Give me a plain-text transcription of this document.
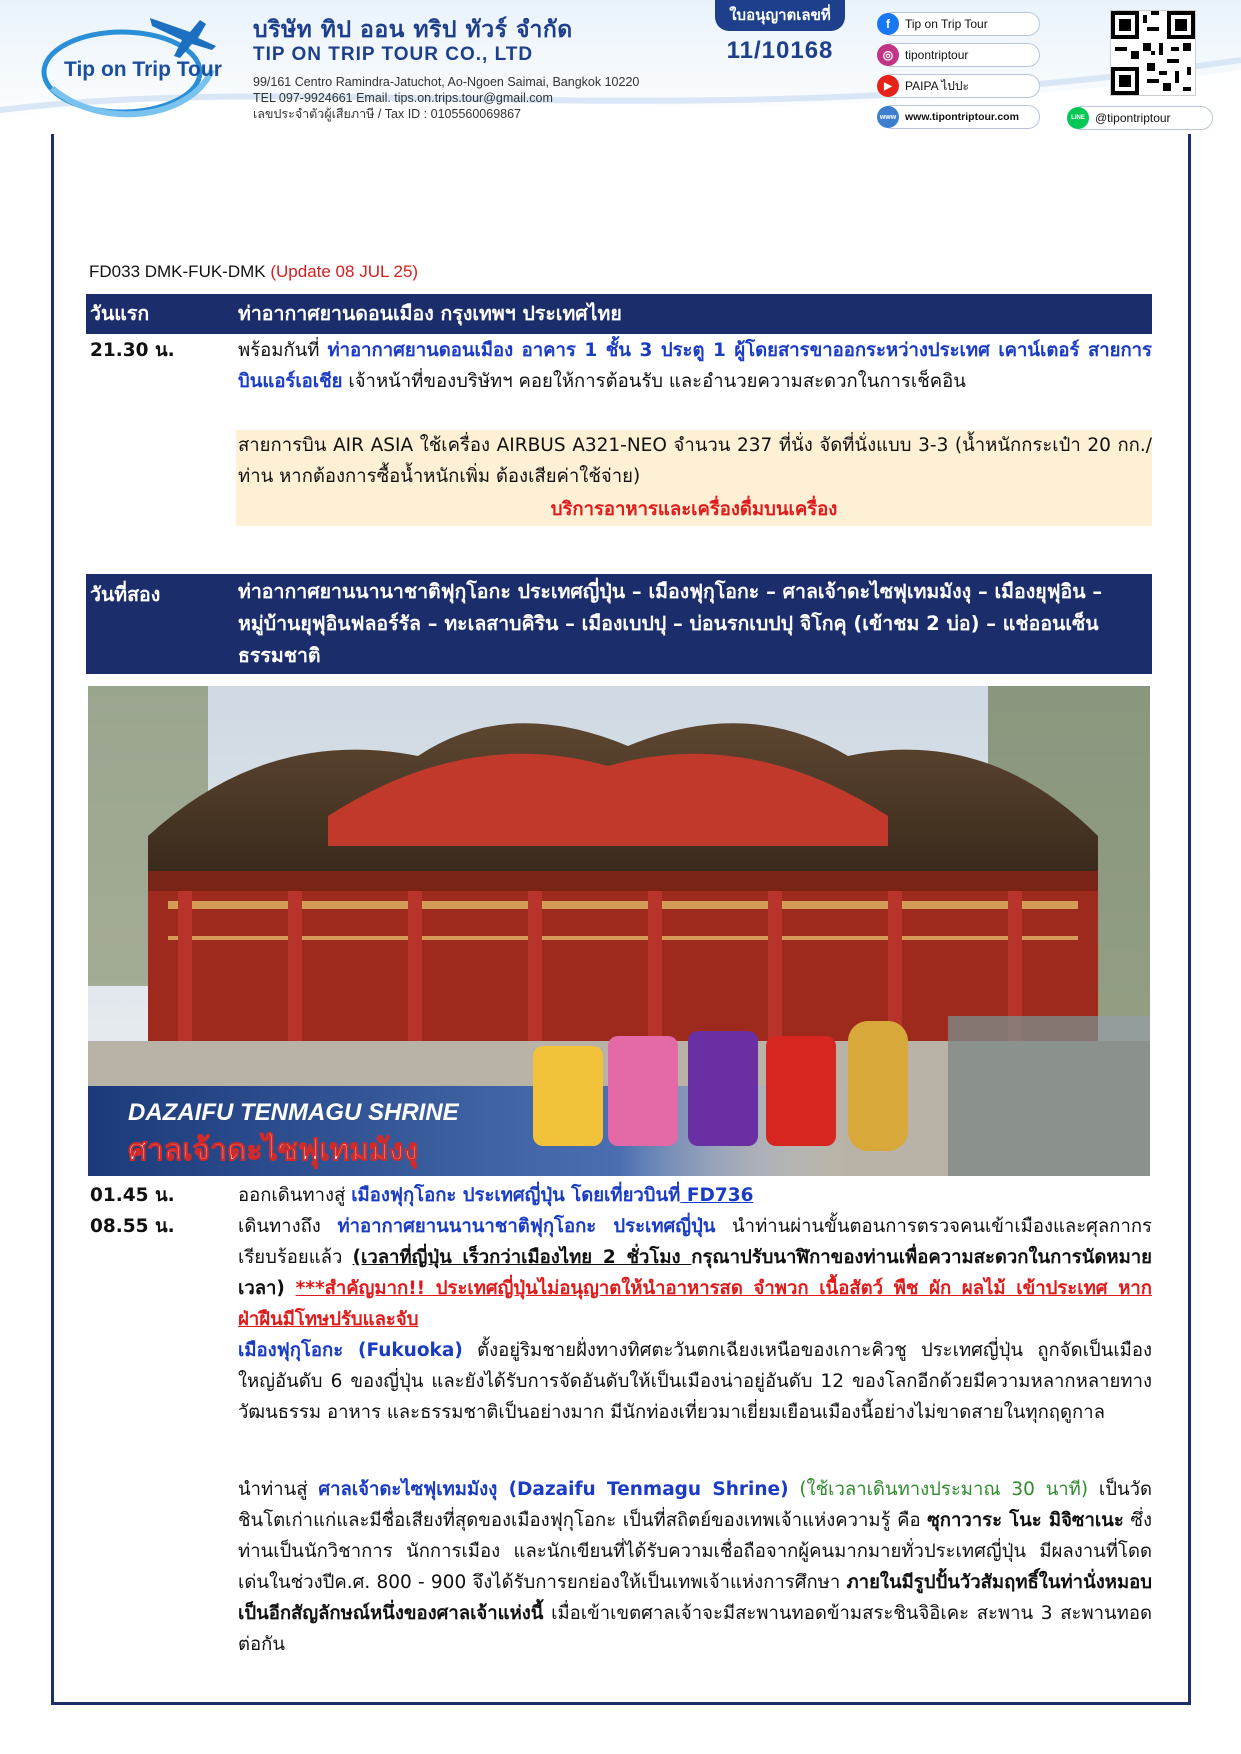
Tip on Trip Tour
บริษัท ทิป ออน ทริป ทัวร์ จำกัด
TIP ON TRIP TOUR CO., LTD
99/161 Centro Ramindra-Jatuchot, Ao-Ngoen Saimai, Bangkok 10220
TEL 097-9924661 Email. tips.on.trips.tour@gmail.com
เลขประจำตัวผู้เสียภาษี / Tax ID : 0105560069867
ใบอนุญาตเลขที่
11/10168
f	Tip on Trip Tour
◎ tipontriptour
▶	PAIPA ไปปะ
www www.tipontriptour.com	LINE @tipontriptour
FD033 DMK-FUK-DMK (Update 08 JUL 25)
วันแรก	ท่าอากาศยานดอนเมือง กรุงเทพฯ ประเทศไทย
21.30 น.	พร้อมกันที่ ท่าอากาศยานดอนเมือง อาคาร 1 ชั้น 3 ประตู 1 ผู้โดยสารขาออกระหว่างประเทศ เคาน์เตอร์ สายการบินแอร์เอเชีย เจ้าหน้าที่ของบริษัทฯ คอยให้การต้อนรับ และอำนวยความสะดวกในการเช็คอิน
สายการบิน AIR ASIA ใช้เครื่อง AIRBUS A321-NEO จำนวน 237 ที่นั่ง จัดที่นั่งแบบ 3-3 (น้ำหนักกระเป๋า 20 กก./ท่าน หากต้องการซื้อน้ำหนักเพิ่ม ต้องเสียค่าใช้จ่าย)
บริการอาหารและเครื่องดื่มบนเครื่อง
วันที่สอง	ท่าอากาศยานนานาชาติฟุกุโอกะ ประเทศญี่ปุ่น – เมืองฟุกุโอกะ – ศาลเจ้าดะไซฟุเทมมังงุ – เมืองยุฟุอิน – หมู่บ้านยุฟุอินฟลอร์รัล – ทะเลสาบคิริน – เมืองเบปปุ – บ่อนรกเบปปุ จิโกคุ (เข้าชม 2 บ่อ) – แช่ออนเซ็นธรรมชาติ
DAZAIFU TENMAGU SHRINE
ศาลเจ้าดะไซฟุเทมมังงุ
01.45 น.	ออกเดินทางสู่ เมืองฟุกุโอกะ ประเทศญี่ปุ่น โดยเที่ยวบินที่ FD736
08.55 น.	เดินทางถึง ท่าอากาศยานนานาชาติฟุกุโอกะ ประเทศญี่ปุ่น นำท่านผ่านขั้นตอนการตรวจคนเข้าเมืองและศุลกากร เรียบร้อยแล้ว (เวลาที่ญี่ปุ่น เร็วกว่าเมืองไทย 2 ชั่วโมง กรุณาปรับนาฬิกาของท่านเพื่อความสะดวกในการนัดหมายเวลา) ***สำคัญมาก!! ประเทศญี่ปุ่นไม่อนุญาตให้นำอาหารสด จำพวก เนื้อสัตว์ พืช ผัก ผลไม้ เข้าประเทศ หากฝ่าฝืนมีโทษปรับและจับ
เมืองฟุกุโอกะ (Fukuoka) ตั้งอยู่ริมชายฝั่งทางทิศตะวันตกเฉียงเหนือของเกาะคิวชู ประเทศญี่ปุ่น ถูกจัดเป็นเมืองใหญ่อันดับ 6 ของญี่ปุ่น และยังได้รับการจัดอันดับให้เป็นเมืองน่าอยู่อันดับ 12 ของโลกอีกด้วยมีความหลากหลายทางวัฒนธรรม อาหาร และธรรมชาติเป็นอย่างมาก มีนักท่องเที่ยวมาเยี่ยมเยือนเมืองนี้อย่างไม่ขาดสายในทุกฤดูกาล
นำท่านสู่ ศาลเจ้าดะไซฟุเทมมังงุ (Dazaifu Tenmagu Shrine) (ใช้เวลาเดินทางประมาณ 30 นาที) เป็นวัดชินโตเก่าแก่และมีชื่อเสียงที่สุดของเมืองฟุกุโอกะ เป็นที่สถิตย์ของเทพเจ้าแห่งความรู้ คือ ซุกาวาระ โนะ มิจิซาเนะ ซึ่งท่านเป็นนักวิชาการ นักการเมือง และนักเขียนที่ได้รับความเชื่อถือจากผู้คนมากมายทั่วประเทศญี่ปุ่น มีผลงานที่โดดเด่นในช่วงปีค.ศ. 800 - 900 จึงได้รับการยกย่องให้เป็นเทพเจ้าแห่งการศึกษา ภายในมีรูปปั้นวัวสัมฤทธิ์ในท่านั่งหมอบ เป็นอีกสัญลักษณ์หนึ่งของศาลเจ้าแห่งนี้ เมื่อเข้าเขตศาลเจ้าจะมีสะพานทอดข้ามสระชินจิอิเคะ สะพาน 3 สะพานทอดต่อกัน
